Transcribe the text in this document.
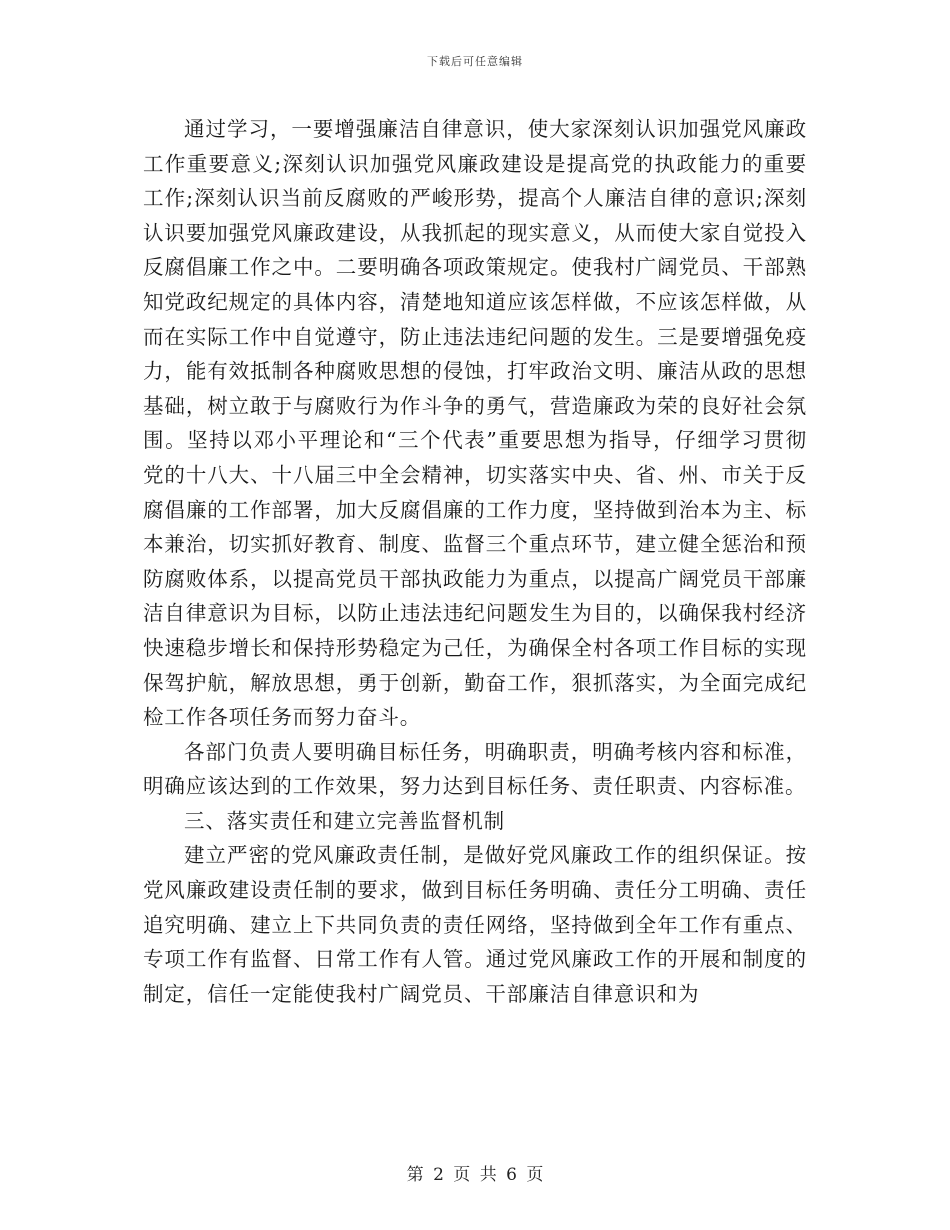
下载后可任意编辑

通过学习，一要增强廉洁自律意识，使大家深刻认识加强党风廉政工作重要意义;深刻认识加强党风廉政建设是提高党的执政能力的重要工作;深刻认识当前反腐败的严峻形势，提高个人廉洁自律的意识;深刻认识要加强党风廉政建设，从我抓起的现实意义，从而使大家自觉投入反腐倡廉工作之中。二要明确各项政策规定。使我村广阔党员、干部熟知党政纪规定的具体内容，清楚地知道应该怎样做，不应该怎样做，从而在实际工作中自觉遵守，防止违法违纪问题的发生。三是要增强免疫力，能有效抵制各种腐败思想的侵蚀，打牢政治文明、廉洁从政的思想基础，树立敢于与腐败行为作斗争的勇气，营造廉政为荣的良好社会氛围。坚持以邓小平理论和“三个代表”重要思想为指导，仔细学习贯彻党的十八大、十八届三中全会精神，切实落实中央、省、州、市关于反腐倡廉的工作部署，加大反腐倡廉的工作力度，坚持做到治本为主、标本兼治，切实抓好教育、制度、监督三个重点环节，建立健全惩治和预防腐败体系，以提高党员干部执政能力为重点，以提高广阔党员干部廉洁自律意识为目标，以防止违法违纪问题发生为目的，以确保我村经济快速稳步增长和保持形势稳定为己任，为确保全村各项工作目标的实现保驾护航，解放思想，勇于创新，勤奋工作，狠抓落实，为全面完成纪检工作各项任务而努力奋斗。

各部门负责人要明确目标任务，明确职责，明确考核内容和标准，明确应该达到的工作效果，努力达到目标任务、责任职责、内容标准。

三、落实责任和建立完善监督机制

建立严密的党风廉政责任制，是做好党风廉政工作的组织保证。按党风廉政建设责任制的要求，做到目标任务明确、责任分工明确、责任追究明确、建立上下共同负责的责任网络，坚持做到全年工作有重点、专项工作有监督、日常工作有人管。通过党风廉政工作的开展和制度的制定，信任一定能使我村广阔党员、干部廉洁自律意识和为

第 2 页 共 6 页
